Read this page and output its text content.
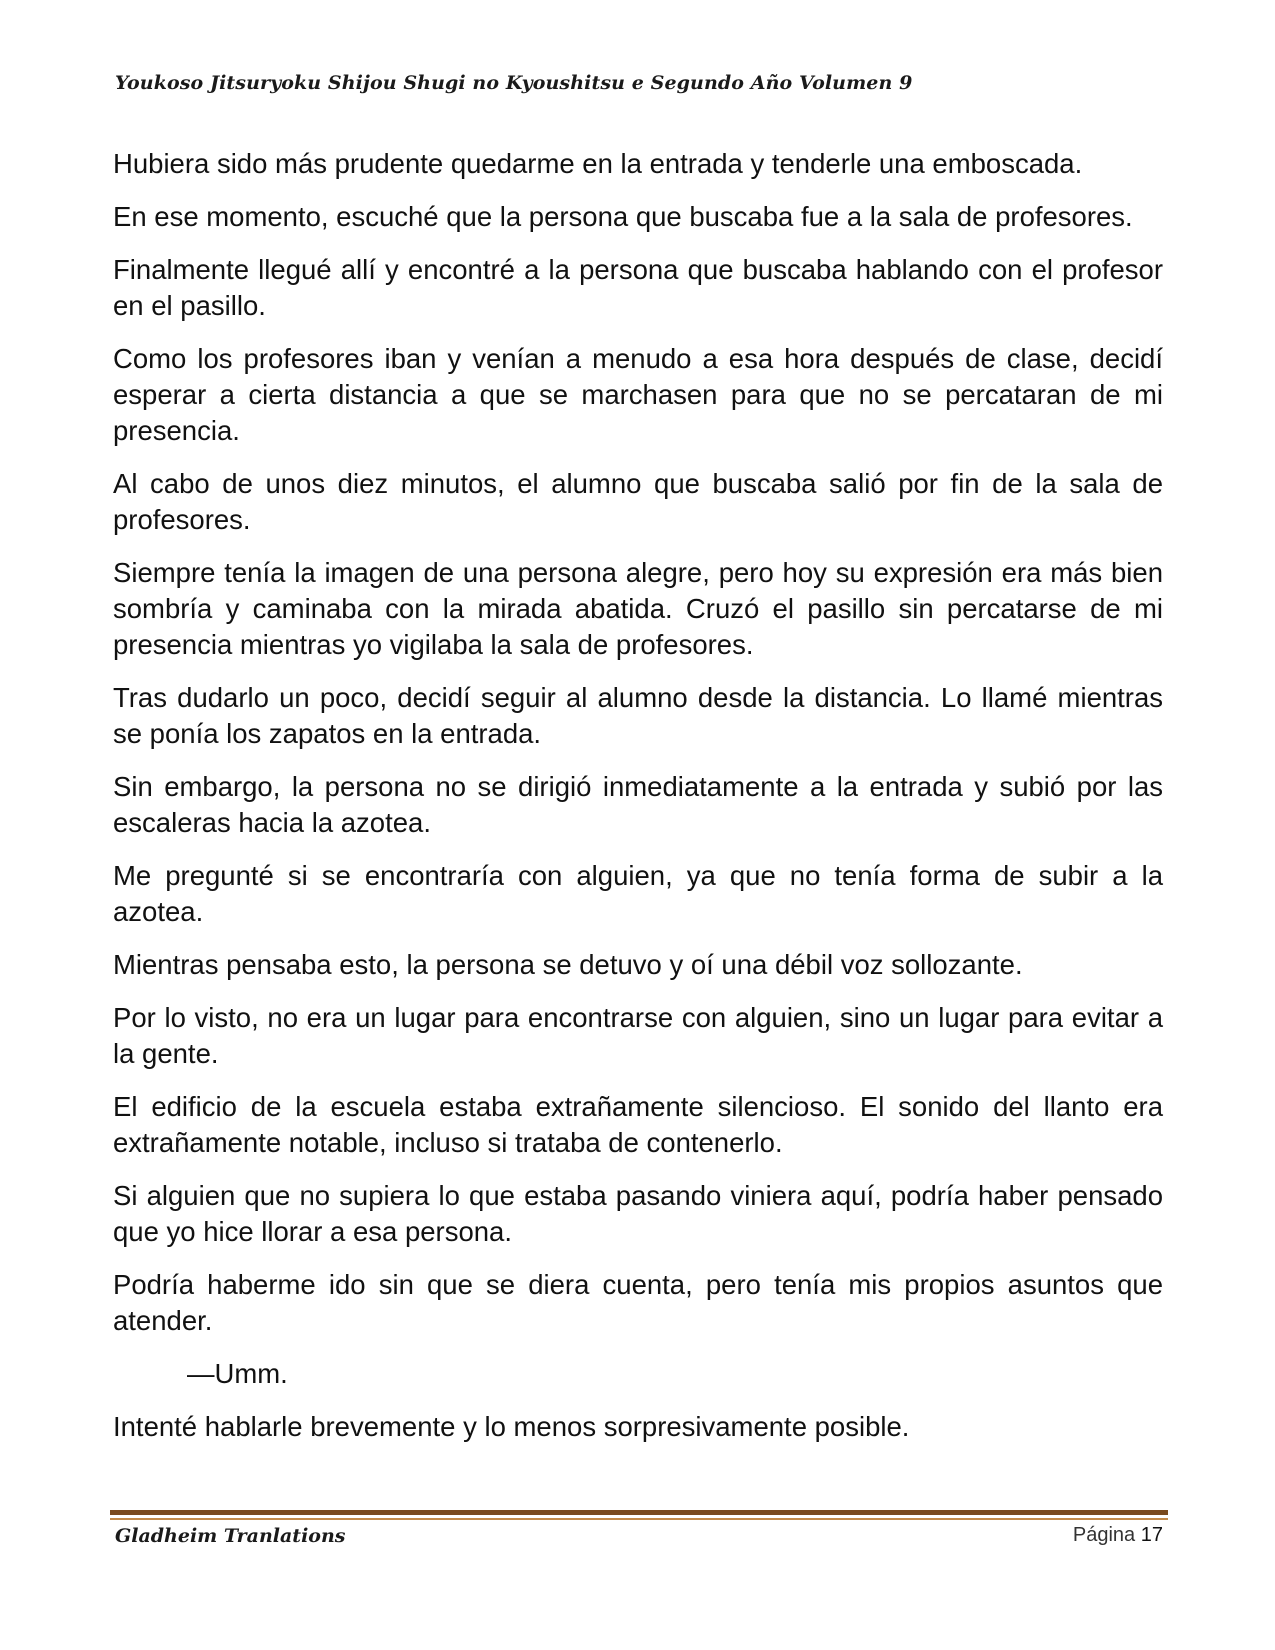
Youkoso Jitsuryoku Shijou Shugi no Kyoushitsu e Segundo Año Volumen 9

Hubiera sido más prudente quedarme en la entrada y tenderle una emboscada.

En ese momento, escuché que la persona que buscaba fue a la sala de profesores.

Finalmente llegué allí y encontré a la persona que buscaba hablando con el profesor en el pasillo.

Como los profesores iban y venían a menudo a esa hora después de clase, decidí esperar a cierta distancia a que se marchasen para que no se percataran de mi presencia.

Al cabo de unos diez minutos, el alumno que buscaba salió por fin de la sala de profesores.

Siempre tenía la imagen de una persona alegre, pero hoy su expresión era más bien sombría y caminaba con la mirada abatida. Cruzó el pasillo sin percatarse de mi presencia mientras yo vigilaba la sala de profesores.

Tras dudarlo un poco, decidí seguir al alumno desde la distancia. Lo llamé mientras se ponía los zapatos en la entrada.

Sin embargo, la persona no se dirigió inmediatamente a la entrada y subió por las escaleras hacia la azotea.

Me pregunté si se encontraría con alguien, ya que no tenía forma de subir a la azotea.

Mientras pensaba esto, la persona se detuvo y oí una débil voz sollozante.

Por lo visto, no era un lugar para encontrarse con alguien, sino un lugar para evitar a la gente.

El edificio de la escuela estaba extrañamente silencioso. El sonido del llanto era extrañamente notable, incluso si trataba de contenerlo.

Si alguien que no supiera lo que estaba pasando viniera aquí, podría haber pensado que yo hice llorar a esa persona.

Podría haberme ido sin que se diera cuenta, pero tenía mis propios asuntos que atender.

—Umm.

Intenté hablarle brevemente y lo menos sorpresivamente posible.

Gladheim Tranlations	Página 17
